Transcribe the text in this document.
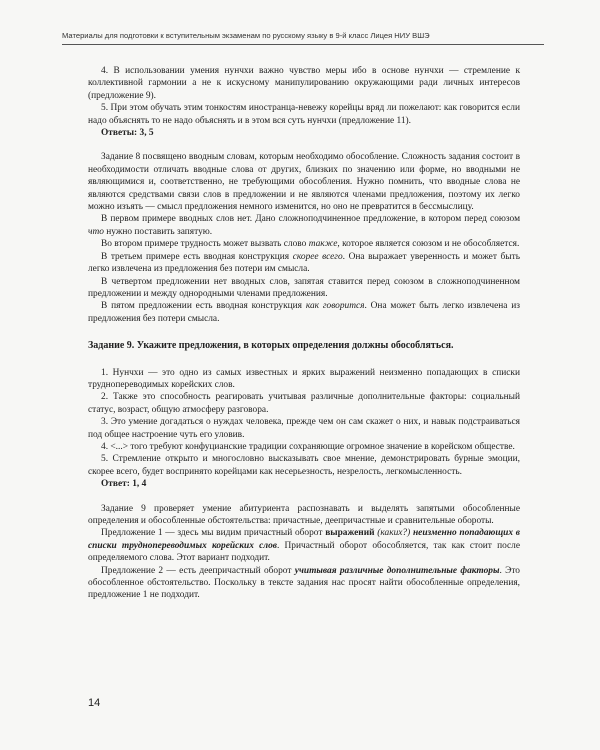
Материалы для подготовки к вступительным экзаменам по русскому языку в 9-й класс Лицея НИУ ВШЭ

4. В использовании умения нунчхи важно чувство меры ибо в основе нунчхи — стремление к коллективной гармонии а не к искусному манипулированию окружающими ради личных интересов (предложение 9).

5. При этом обучать этим тонкостям иностранца-невежу корейцы вряд ли пожелают: как говорится если надо объяснять то не надо объяснять и в этом вся суть нунчхи (предложение 11).

Ответы: 3, 5

Задание 8 посвящено вводным словам, которым необходимо обособление. Сложность задания состоит в необходимости отличать вводные слова от других, близких по значению или форме, но вводными не являющимися и, соответственно, не требующими обособления. Нужно помнить, что вводные слова не являются средствами связи слов в предложении и не являются членами предложения, поэтому их легко можно изъять — смысл предложения немного изменится, но оно не превратится в бессмыслицу.

В первом примере вводных слов нет. Дано сложноподчиненное предложение, в котором перед союзом что нужно поставить запятую.

Во втором примере трудность может вызвать слово также, которое является союзом и не обособляется.

В третьем примере есть вводная конструкция скорее всего. Она выражает уверенность и может быть легко извлечена из предложения без потери им смысла.

В четвертом предложении нет вводных слов, запятая ставится перед союзом в сложноподчиненном предложении и между однородными членами предложения.

В пятом предложении есть вводная конструкция как говорится. Она может быть легко извлечена из предложения без потери смысла.

Задание 9. Укажите предложения, в которых определения должны обособляться.

1. Нунчхи — это одно из самых известных и ярких выражений неизменно попадающих в списки труднопереводимых корейских слов.

2. Также это способность реагировать учитывая различные дополнительные факторы: социальный статус, возраст, общую атмосферу разговора.

3. Это умение догадаться о нуждах человека, прежде чем он сам скажет о них, и навык подстраиваться под общее настроение чуть его уловив.

4. <...> того требуют конфуцианские традиции сохраняющие огромное значение в корейском обществе.

5. Стремление открыто и многословно высказывать свое мнение, демонстрировать бурные эмоции, скорее всего, будет воспринято корейцами как несерьезность, незрелость, легкомысленность.

Ответ: 1, 4

Задание 9 проверяет умение абитуриента распознавать и выделять запятыми обособленные определения и обособленные обстоятельства: причастные, деепричастные и сравнительные обороты.

Предложение 1 — здесь мы видим причастный оборот выражений (каких?) неизменно попадающих в списки труднопереводимых корейских слов. Причастный оборот обособляется, так как стоит после определяемого слова. Этот вариант подходит.

Предложение 2 — есть деепричастный оборот учитывая различные дополнительные факторы. Это обособленное обстоятельство. Поскольку в тексте задания нас просят найти обособленные определения, предложение 1 не подходит.

14
